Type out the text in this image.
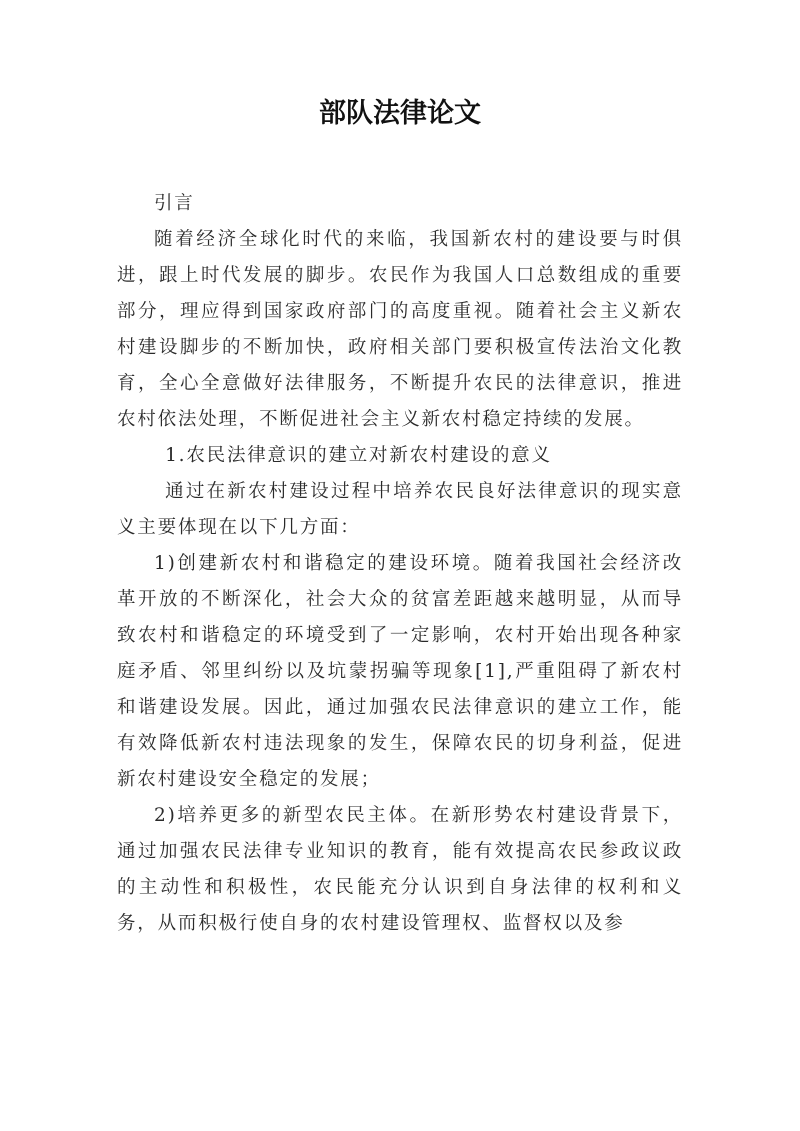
部队法律论文

引言

随着经济全球化时代的来临，我国新农村的建设要与时俱进，跟上时代发展的脚步。农民作为我国人口总数组成的重要部分，理应得到国家政府部门的高度重视。随着社会主义新农村建设脚步的不断加快，政府相关部门要积极宣传法治文化教育，全心全意做好法律服务，不断提升农民的法律意识，推进农村依法处理，不断促进社会主义新农村稳定持续的发展。

1.农民法律意识的建立对新农村建设的意义

通过在新农村建设过程中培养农民良好法律意识的现实意义主要体现在以下几方面：

1)创建新农村和谐稳定的建设环境。随着我国社会经济改革开放的不断深化，社会大众的贫富差距越来越明显，从而导致农村和谐稳定的环境受到了一定影响，农村开始出现各种家庭矛盾、邻里纠纷以及坑蒙拐骗等现象[1],严重阻碍了新农村和谐建设发展。因此，通过加强农民法律意识的建立工作，能有效降低新农村违法现象的发生，保障农民的切身利益，促进新农村建设安全稳定的发展；

2)培养更多的新型农民主体。在新形势农村建设背景下，通过加强农民法律专业知识的教育，能有效提高农民参政议政的主动性和积极性，农民能充分认识到自身法律的权利和义务，从而积极行使自身的农村建设管理权、监督权以及参
